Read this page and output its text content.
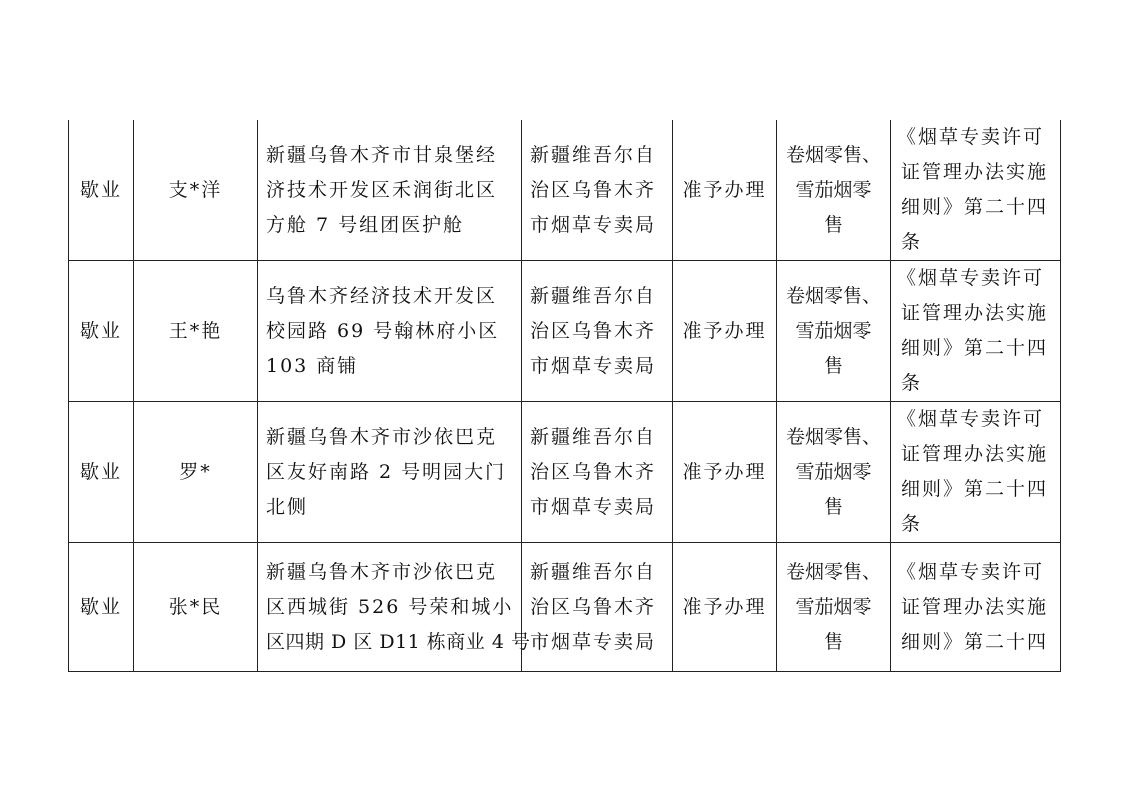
歇业	支*洋	新疆乌鲁木齐市甘泉堡经
济技术开发区禾润街北区
方舱 7 号组团医护舱	新疆维吾尔自
治区乌鲁木齐
市烟草专卖局	准予办理	卷烟零售、
雪茄烟零
售	《烟草专卖许可
证管理办法实施
细则》第二十四
条

歇业	王*艳	乌鲁木齐经济技术开发区
校园路 69 号翰林府小区
103 商铺	新疆维吾尔自
治区乌鲁木齐
市烟草专卖局	准予办理	卷烟零售、
雪茄烟零
售	《烟草专卖许可
证管理办法实施
细则》第二十四
条

歇业	罗*	新疆乌鲁木齐市沙依巴克
区友好南路 2 号明园大门
北侧	新疆维吾尔自
治区乌鲁木齐
市烟草专卖局	准予办理	卷烟零售、
雪茄烟零
售	《烟草专卖许可
证管理办法实施
细则》第二十四
条

歇业	张*民	新疆乌鲁木齐市沙依巴克
区西城街 526 号荣和城小
区四期 D 区 D11 栋商业 4 号	新疆维吾尔自
治区乌鲁木齐
市烟草专卖局	准予办理	卷烟零售、
雪茄烟零
售	《烟草专卖许可
证管理办法实施
细则》第二十四
